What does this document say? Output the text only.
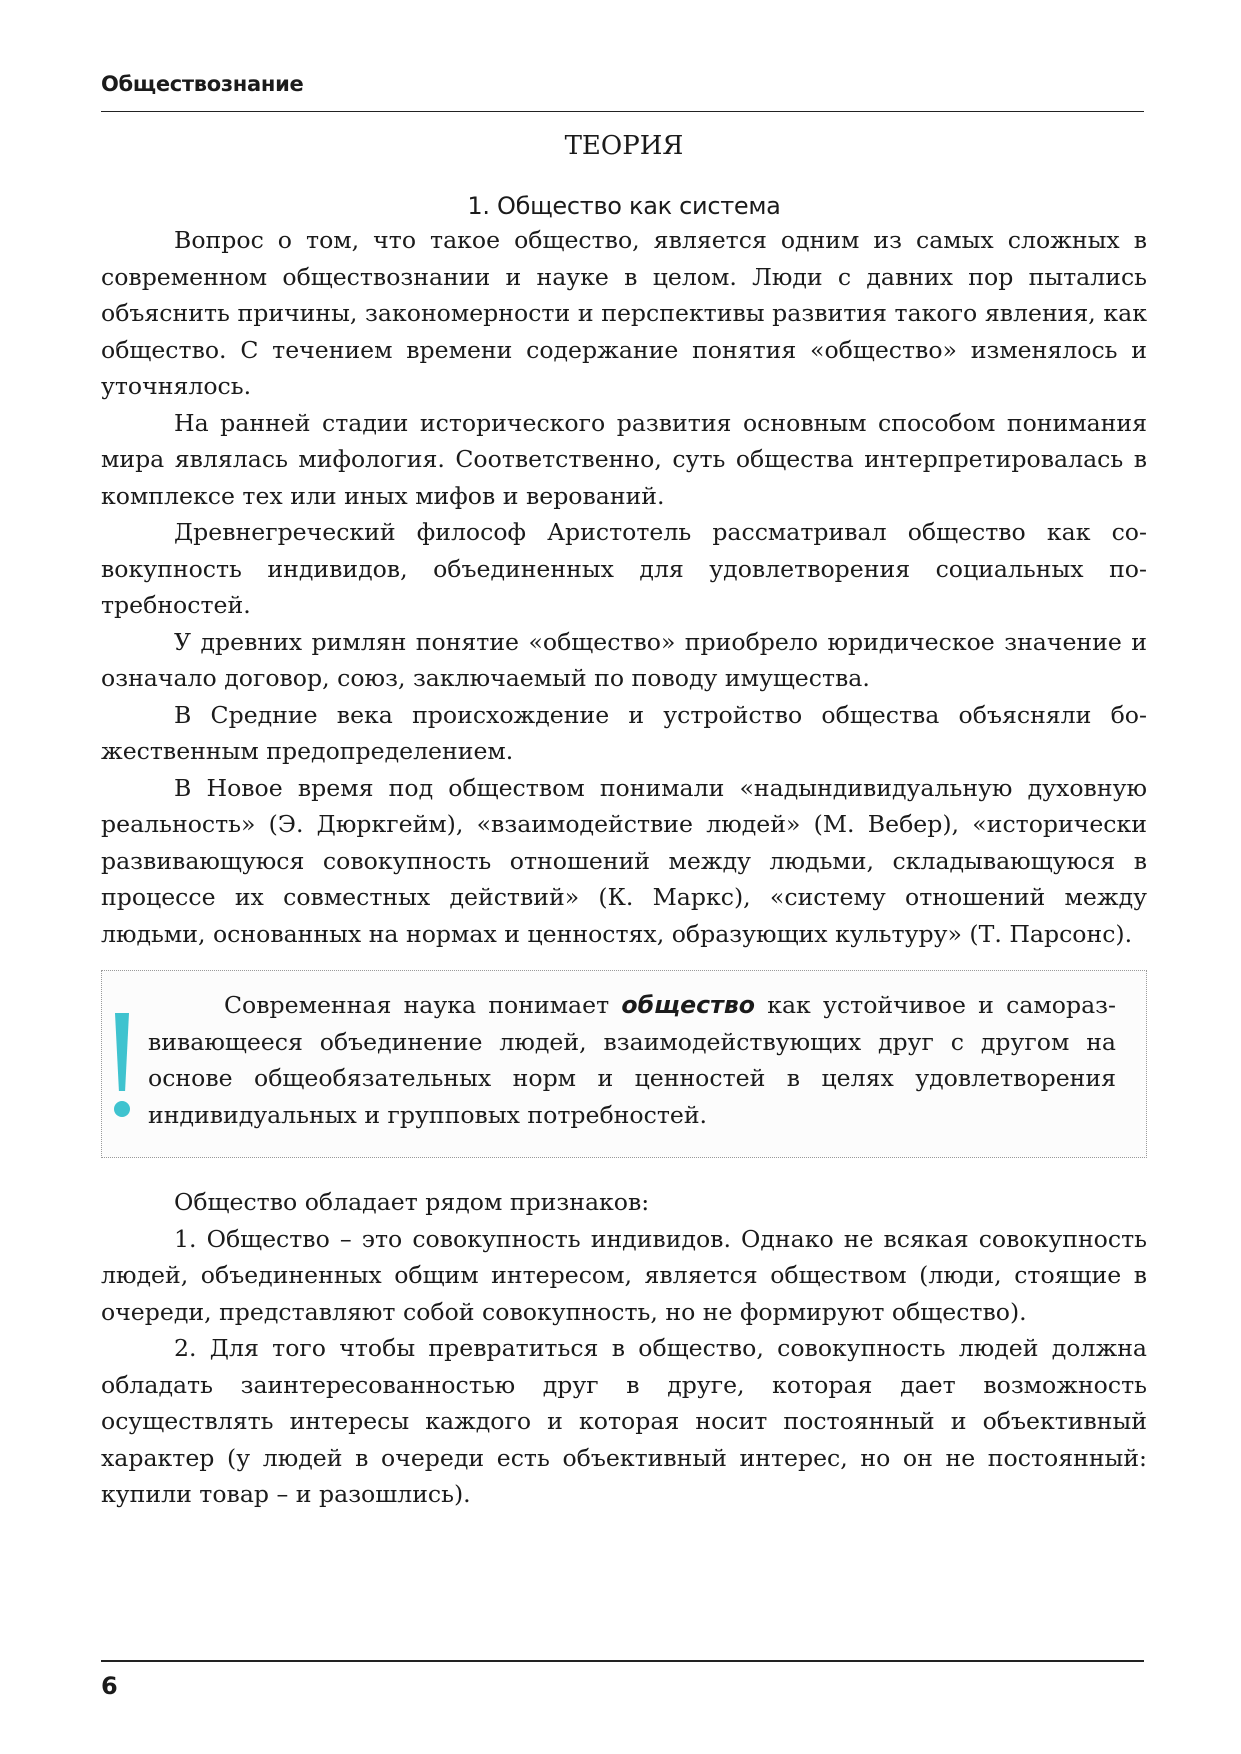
Обществознание
ТЕОРИЯ
1. Общество как система

Вопрос о том, что такое общество, является одним из самых сложных в современном обществознании и науке в целом. Люди с давних пор пытались объяснить причины, закономерности и перспективы развития такого явления, как общество. С течением времени содержание понятия «общество» изменялось и уточнялось.

На ранней стадии исторического развития основным способом понимания мира являлась мифология. Соответственно, суть общества интерпретировалась в комплексе тех или иных мифов и верований.

Древнегреческий философ Аристотель рассматривал общество как совокупность индивидов, объединенных для удовлетворения социальных потребностей.

У древних римлян понятие «общество» приобрело юридическое значение и означало договор, союз, заключаемый по поводу имущества.

В Средние века происхождение и устройство общества объясняли божественным предопределением.

В Новое время под обществом понимали «надындивидуальную духовную реальность» (Э. Дюркгейм), «взаимодействие людей» (М. Вебер), «исторически развивающуюся совокупность отношений между людьми, складывающуюся в процессе их совместных действий» (К. Маркс), «систему отношений между людьми, основанных на нормах и ценностях, образующих культуру» (Т. Парсонс).

Современная наука понимает общество как устойчивое и саморазвивающееся объединение людей, взаимодействующих друг с другом на основе общеобязательных норм и ценностей в целях удовлетворения индивидуальных и групповых потребностей.

Общество обладает рядом признаков:

1. Общество – это совокупность индивидов. Однако не всякая совокупность людей, объединенных общим интересом, является обществом (люди, стоящие в очереди, представляют собой совокупность, но не формируют общество).

2. Для того чтобы превратиться в общество, совокупность людей должна обладать заинтересованностью друг в друге, которая дает возможность осуществлять интересы каждого и которая носит постоянный и объективный характер (у людей в очереди есть объективный интерес, но он не постоянный: купили товар – и разошлись).

6
